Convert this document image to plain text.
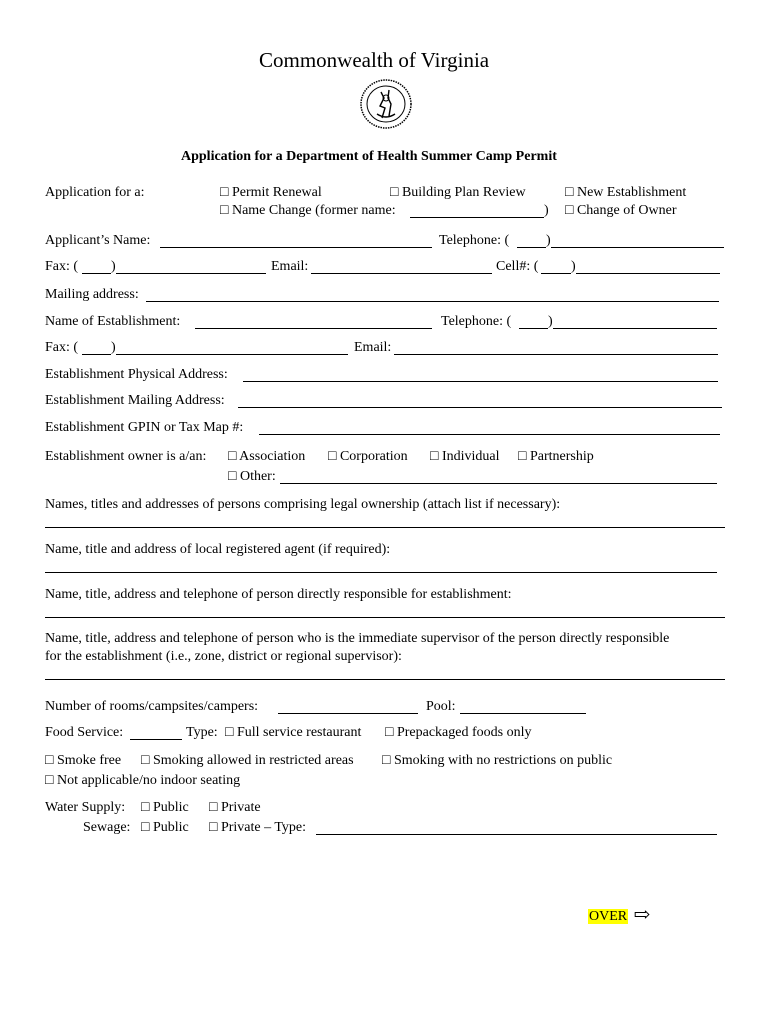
Commonwealth of Virginia
Application for a Department of Health Summer Camp Permit
Application for a:	□ Permit Renewal	□ Building Plan Review	□ New Establishment
□ Name Change (former name:	) □ Change of Owner
Applicant’s Name:	Telephone: (	)
Fax: ( )	Email:	Cell#: ( )
Mailing address:
Name of Establishment:	Telephone: (	)
Fax: ( )	Email:
Establishment Physical Address:
Establishment Mailing Address:
Establishment GPIN or Tax Map #:
Establishment owner is a/an: □ Association □ Corporation □ Individual □ Partnership
□ Other:
Names, titles and addresses of persons comprising legal ownership (attach list if necessary):
Name, title and address of local registered agent (if required):
Name, title, address and telephone of person directly responsible for establishment:
Name, title, address and telephone of person who is the immediate supervisor of the person directly responsible
for the establishment (i.e., zone, district or regional supervisor):
Number of rooms/campsites/campers:	Pool:
Food Service:	Type: □ Full service restaurant □ Prepackaged foods only
□ Smoke free □ Smoking allowed in restricted areas □ Smoking with no restrictions on public
□ Not applicable/no indoor seating
Water Supply: □ Public □ Private
Sewage: □ Public □ Private – Type:
OVER ⇨
